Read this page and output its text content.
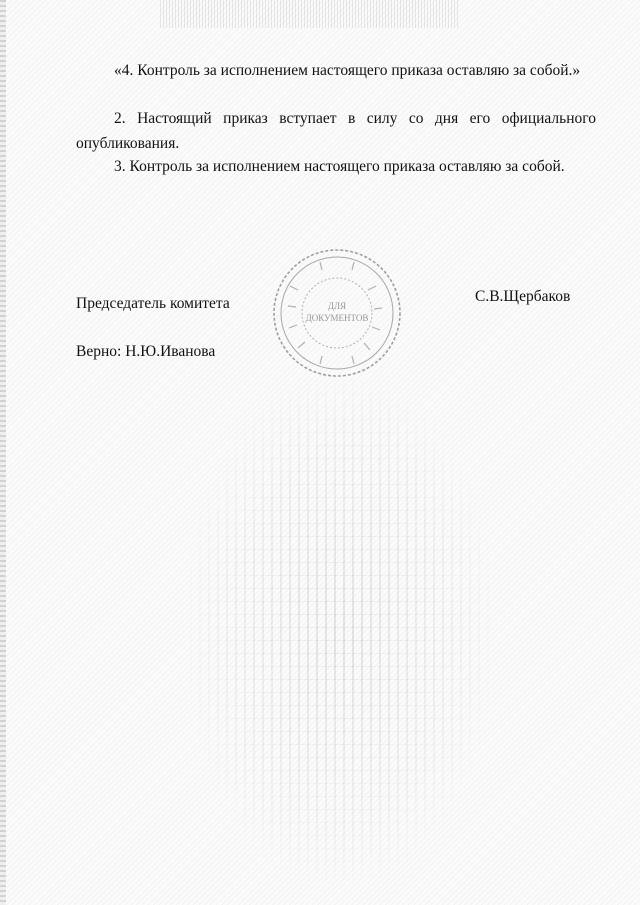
«4. Контроль за исполнением настоящего приказа оставляю за собой.»

2. Настоящий приказ вступает в силу со дня его официального опубликования.

3. Контроль за исполнением настоящего приказа оставляю за собой.

Председатель комитета	С.В.Щербаков
Верно: Н.Ю.Иванова
ДЛЯ
ДОКУМЕНТОВ
